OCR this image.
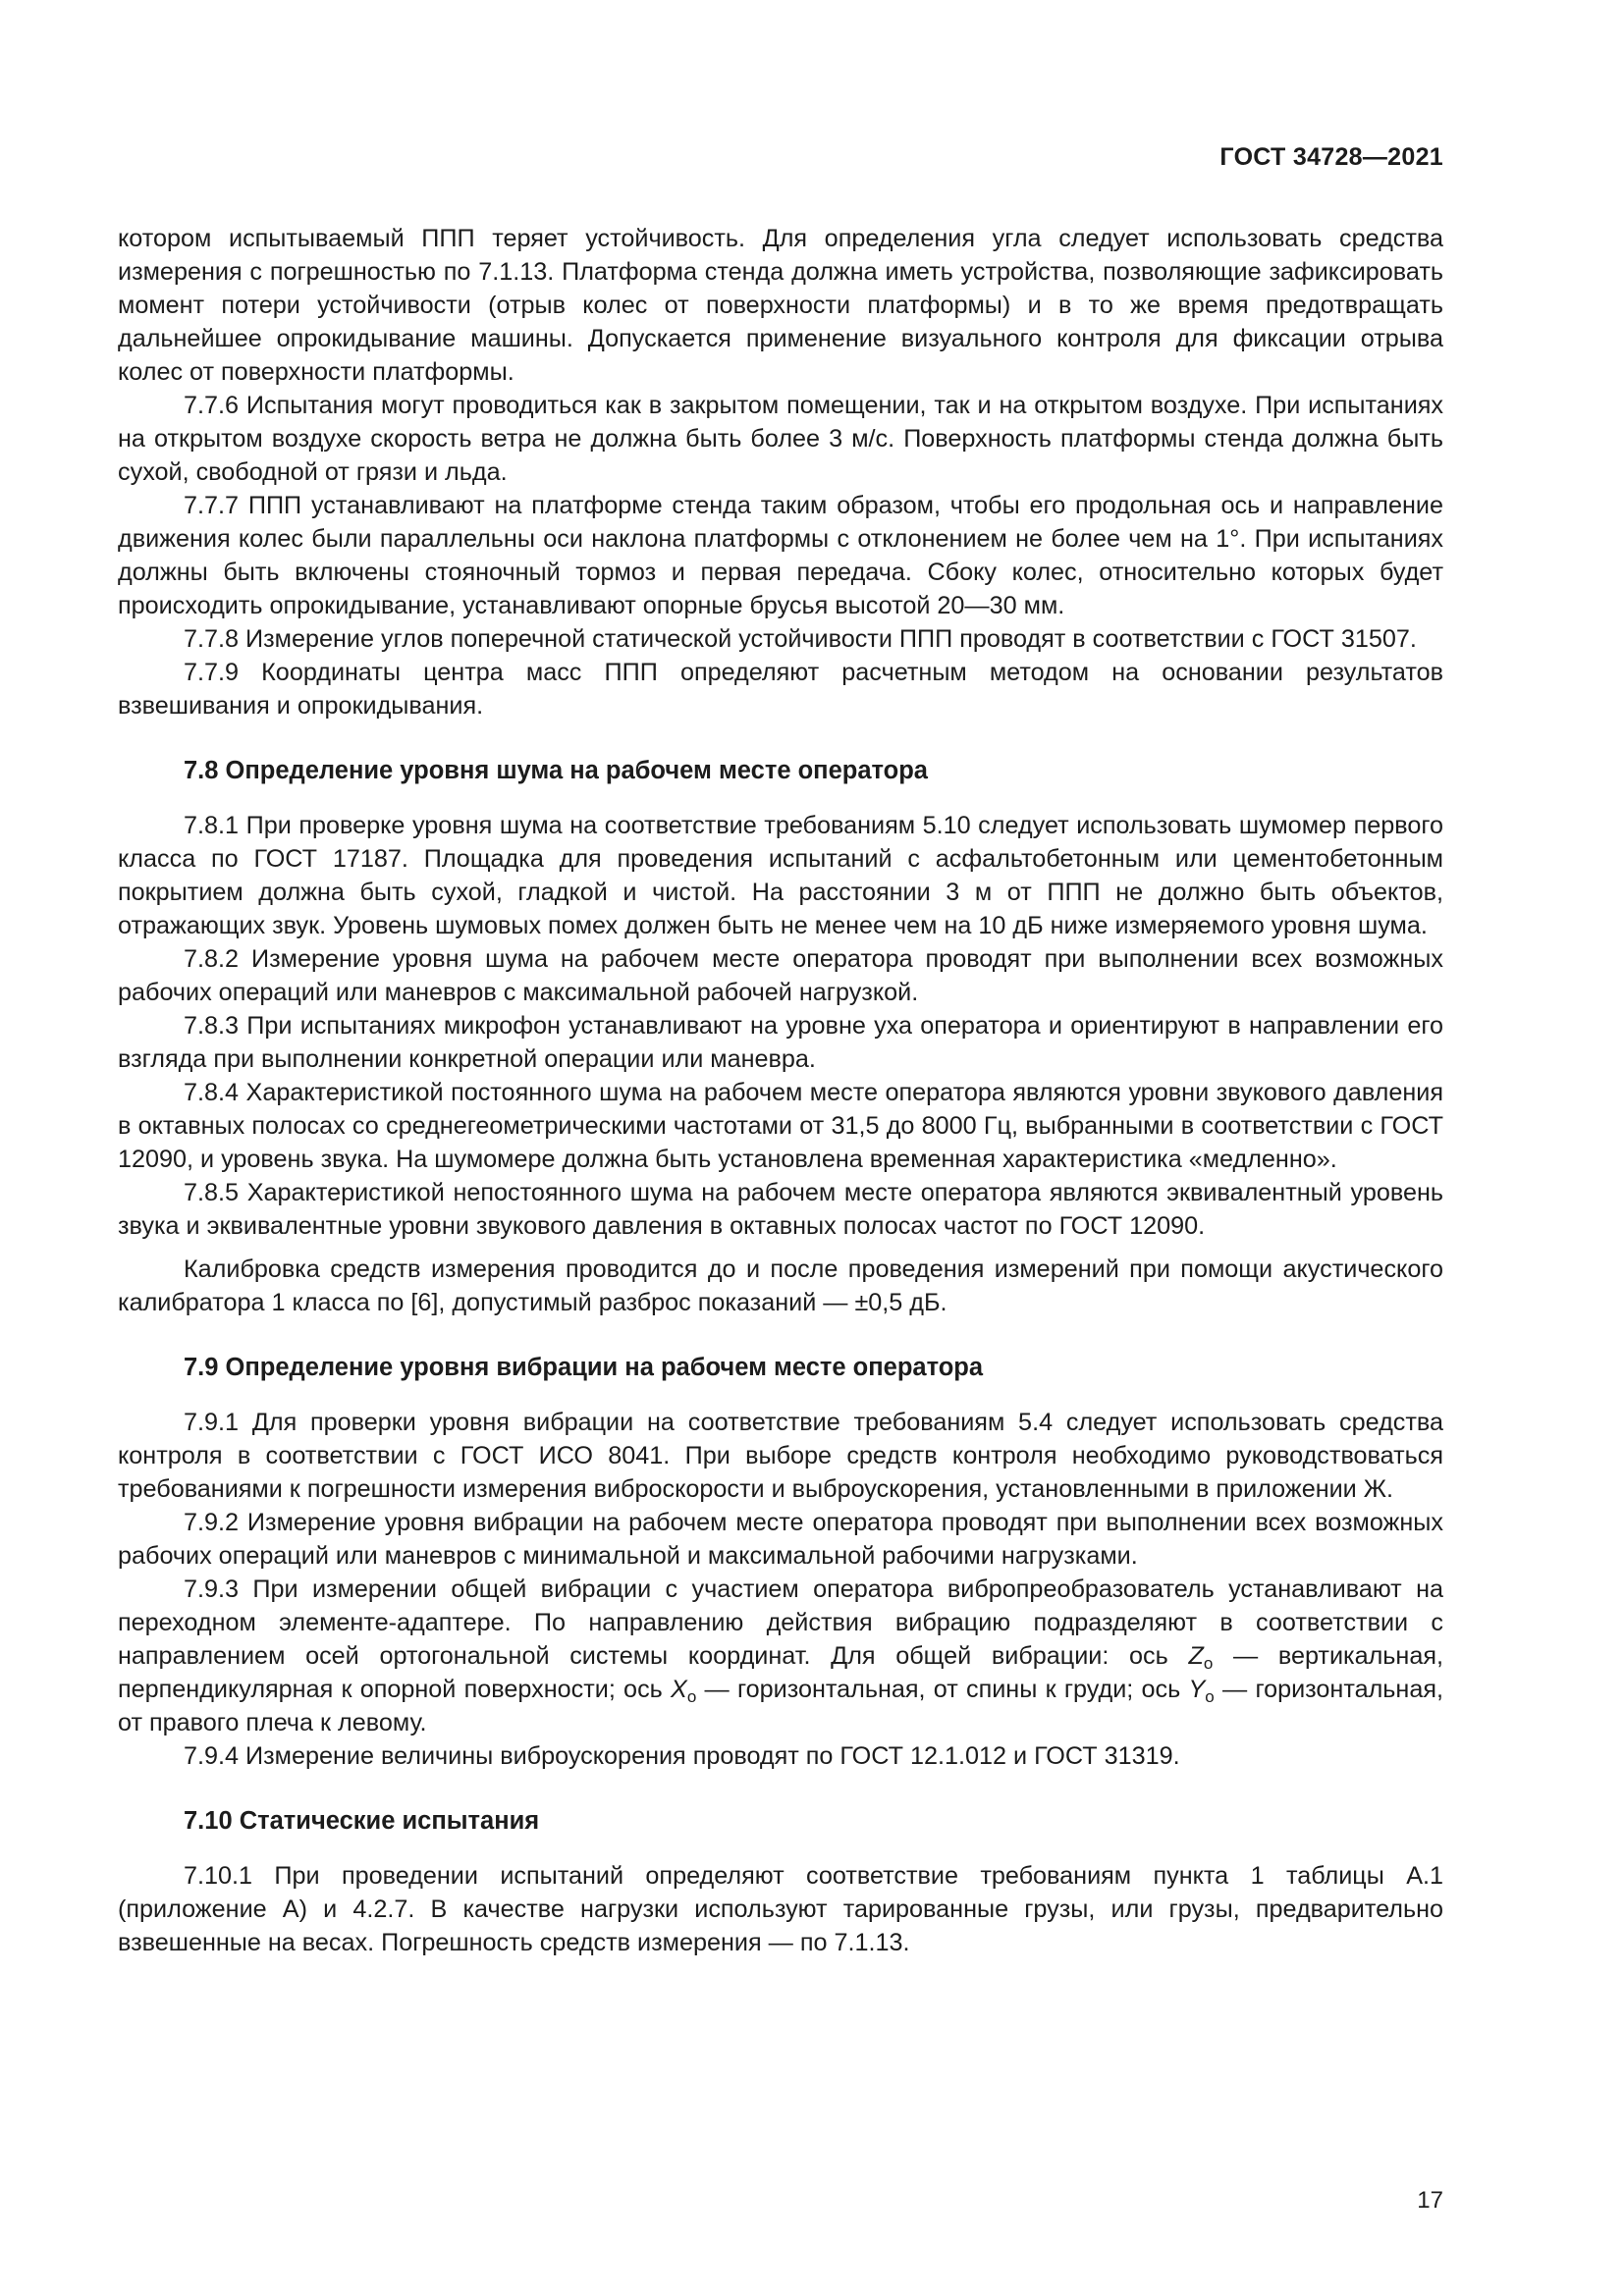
ГОСТ 34728—2021

котором испытываемый ППП теряет устойчивость. Для определения угла следует использовать средства измерения с погрешностью по 7.1.13. Платформа стенда должна иметь устройства, позволяющие зафиксировать момент потери устойчивости (отрыв колес от поверхности платформы) и в то же время предотвращать дальнейшее опрокидывание машины. Допускается применение визуального контроля для фиксации отрыва колес от поверхности платформы.

7.7.6 Испытания могут проводиться как в закрытом помещении, так и на открытом воздухе. При испытаниях на открытом воздухе скорость ветра не должна быть более 3 м/с. Поверхность платформы стенда должна быть сухой, свободной от грязи и льда.

7.7.7 ППП устанавливают на платформе стенда таким образом, чтобы его продольная ось и направление движения колес были параллельны оси наклона платформы с отклонением не более чем на 1°. При испытаниях должны быть включены стояночный тормоз и первая передача. Сбоку колес, относительно которых будет происходить опрокидывание, устанавливают опорные брусья высотой 20—30 мм.

7.7.8 Измерение углов поперечной статической устойчивости ППП проводят в соответствии с ГОСТ 31507.

7.7.9 Координаты центра масс ППП определяют расчетным методом на основании результатов взвешивания и опрокидывания.

7.8 Определение уровня шума на рабочем месте оператора

7.8.1 При проверке уровня шума на соответствие требованиям 5.10 следует использовать шумомер первого класса по ГОСТ 17187. Площадка для проведения испытаний с асфальтобетонным или цементобетонным покрытием должна быть сухой, гладкой и чистой. На расстоянии 3 м от ППП не должно быть объектов, отражающих звук. Уровень шумовых помех должен быть не менее чем на 10 дБ ниже измеряемого уровня шума.

7.8.2 Измерение уровня шума на рабочем месте оператора проводят при выполнении всех возможных рабочих операций или маневров с максимальной рабочей нагрузкой.

7.8.3 При испытаниях микрофон устанавливают на уровне уха оператора и ориентируют в направлении его взгляда при выполнении конкретной операции или маневра.

7.8.4 Характеристикой постоянного шума на рабочем месте оператора являются уровни звукового давления в октавных полосах со среднегеометрическими частотами от 31,5 до 8000 Гц, выбранными в соответствии с ГОСТ 12090, и уровень звука. На шумомере должна быть установлена временная характеристика «медленно».

7.8.5 Характеристикой непостоянного шума на рабочем месте оператора являются эквивалентный уровень звука и эквивалентные уровни звукового давления в октавных полосах частот по ГОСТ 12090.

Калибровка средств измерения проводится до и после проведения измерений при помощи акустического калибратора 1 класса по [6], допустимый разброс показаний — ±0,5 дБ.

7.9 Определение уровня вибрации на рабочем месте оператора

7.9.1 Для проверки уровня вибрации на соответствие требованиям 5.4 следует использовать средства контроля в соответствии с ГОСТ ИСО 8041. При выборе средств контроля необходимо руководствоваться требованиями к погрешности измерения виброскорости и выброускорения, установленными в приложении Ж.

7.9.2 Измерение уровня вибрации на рабочем месте оператора проводят при выполнении всех возможных рабочих операций или маневров с минимальной и максимальной рабочими нагрузками.

7.9.3 При измерении общей вибрации с участием оператора вибропреобразователь устанавливают на переходном элементе-адаптере. По направлению действия вибрацию подразделяют в соответствии с направлением осей ортогональной системы координат. Для общей вибрации: ось $Z_o$ — вертикальная, перпендикулярная к опорной поверхности; ось $X_o$ — горизонтальная, от спины к груди; ось $Y_o$ — горизонтальная, от правого плеча к левому.

7.9.4 Измерение величины виброускорения проводят по ГОСТ 12.1.012 и ГОСТ 31319.

7.10 Статические испытания

7.10.1 При проведении испытаний определяют соответствие требованиям пункта 1 таблицы А.1 (приложение А) и 4.2.7. В качестве нагрузки используют тарированные грузы, или грузы, предварительно взвешенные на весах. Погрешность средств измерения — по 7.1.13.

17
